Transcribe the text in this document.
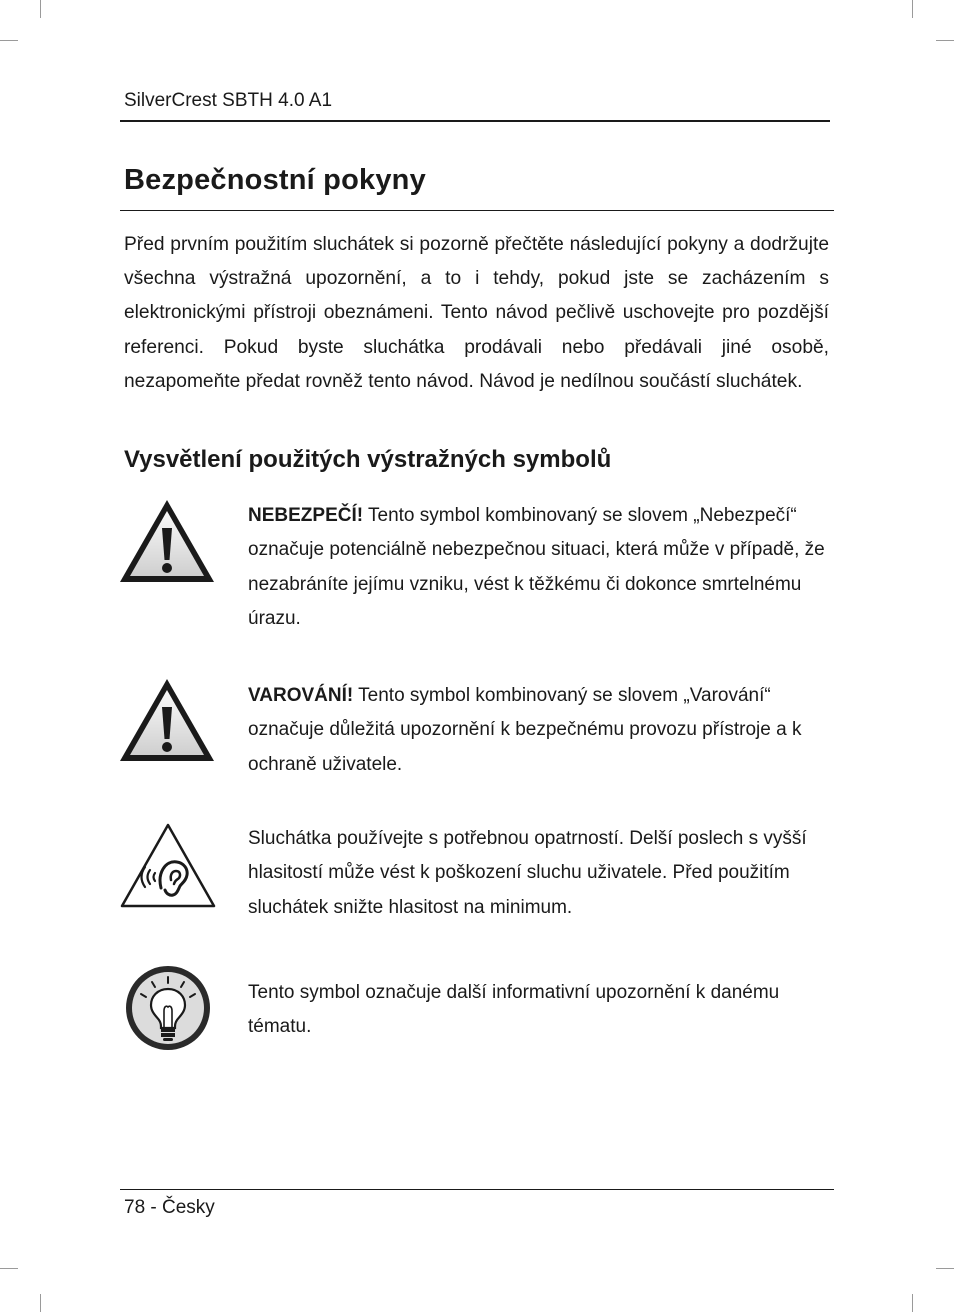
SilverCrest SBTH 4.0 A1
Bezpečnostní pokyny

Před prvním použitím sluchátek si pozorně přečtěte následující pokyny a dodržujte všechna výstražná upozornění, a to i tehdy, pokud jste se zacházením s elektronickými přístroji obeznámeni. Tento návod pečlivě uschovejte pro pozdější referenci. Pokud byste sluchátka prodávali nebo předávali jiné osobě, nezapomeňte předat rovněž tento návod. Návod je nedílnou součástí sluchátek.

Vysvětlení použitých výstražných symbolů

NEBEZPEČÍ! Tento symbol kombinovaný se slovem „Nebezpečí“ označuje potenciálně nebezpečnou situaci, která může v případě, že nezabráníte jejímu vzniku, vést k těžkému či dokonce smrtelnému úrazu.

VAROVÁNÍ! Tento symbol kombinovaný se slovem „Varování“ označuje důležitá upozornění k bezpečnému provozu přístroje a k ochraně uživatele.

Sluchátka používejte s potřebnou opatrností. Delší poslech s vyšší hlasitostí může vést k poškození sluchu uživatele. Před použitím sluchátek snižte hlasitost na minimum.

Tento symbol označuje další informativní upozornění k danému tématu.

78 - Česky
